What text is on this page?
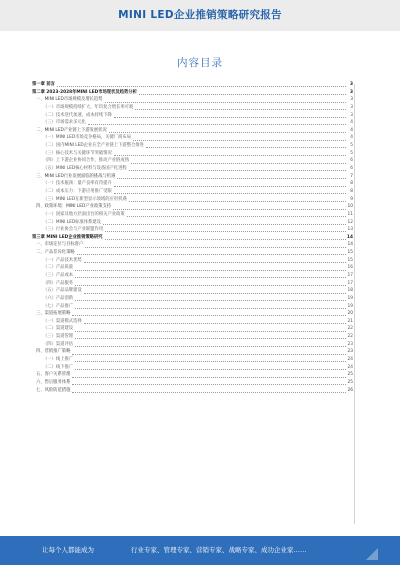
MINI LED企业推销策略研究报告
内容目录
第一章 前言	3
第二章 2023-2028年MINI LED市场现状及趋势分析	3
一、MINI LED市场规模及增长趋势	3
（一）市场规模持续扩大，年均复合增长率可观	3
（二）技术迭代加速，成本持续下降	3
（三）市场需求多元化	4
二、MINI LED产业链上下游发展状况	4
（一）MINI LED市场竞争格局，关键厂商布局	4
（二）国内MINI LED企业在全产业链上下游整合推进	5
（三）核心技术与关键环节突破情况	5
（四）上下游企业协同合作，推动产业链成熟	6
（五）MINI LED核心材料与设备国产化进程	6
三、MINI LED行业发展面临的挑战与机遇	7
（一）技术瓶颈：量产良率有待提升	8
（二）成本压力：下游应用推广受限	8
（三）MINI LED在新型显示领域的应用机遇	9
四、政策环境：MINI LED产业政策支持	10
（一）国家及地方层面出台的相关产业政策	11
（二）MINI LED标准体系建设	12
（三）行业协会与产业联盟作用	13
第三章 MINI LED企业推销策略研究	14
一、市场定位与目标客户	14
二、产品差异化策略	15
（一）产品技术优势	15
（二）产品质量	16
（三）产品成本	17
（四）产品服务	17
（五）产品品牌建设	18
（六）产品创新	19
（七）产品推广	19
三、渠道拓展策略	20
（一）渠道模式选择	21
（二）渠道建设	22
（三）渠道管理	22
（四）渠道评估	23
四、营销推广策略	23
（一）线上推广	24
（二）线下推广	24
五、客户关系管理	25
六、售后服务体系	25
七、风险防范措施	26
让每个人都能成为	行业专家、管理专家、营销专家、战略专家、成功企业家……
